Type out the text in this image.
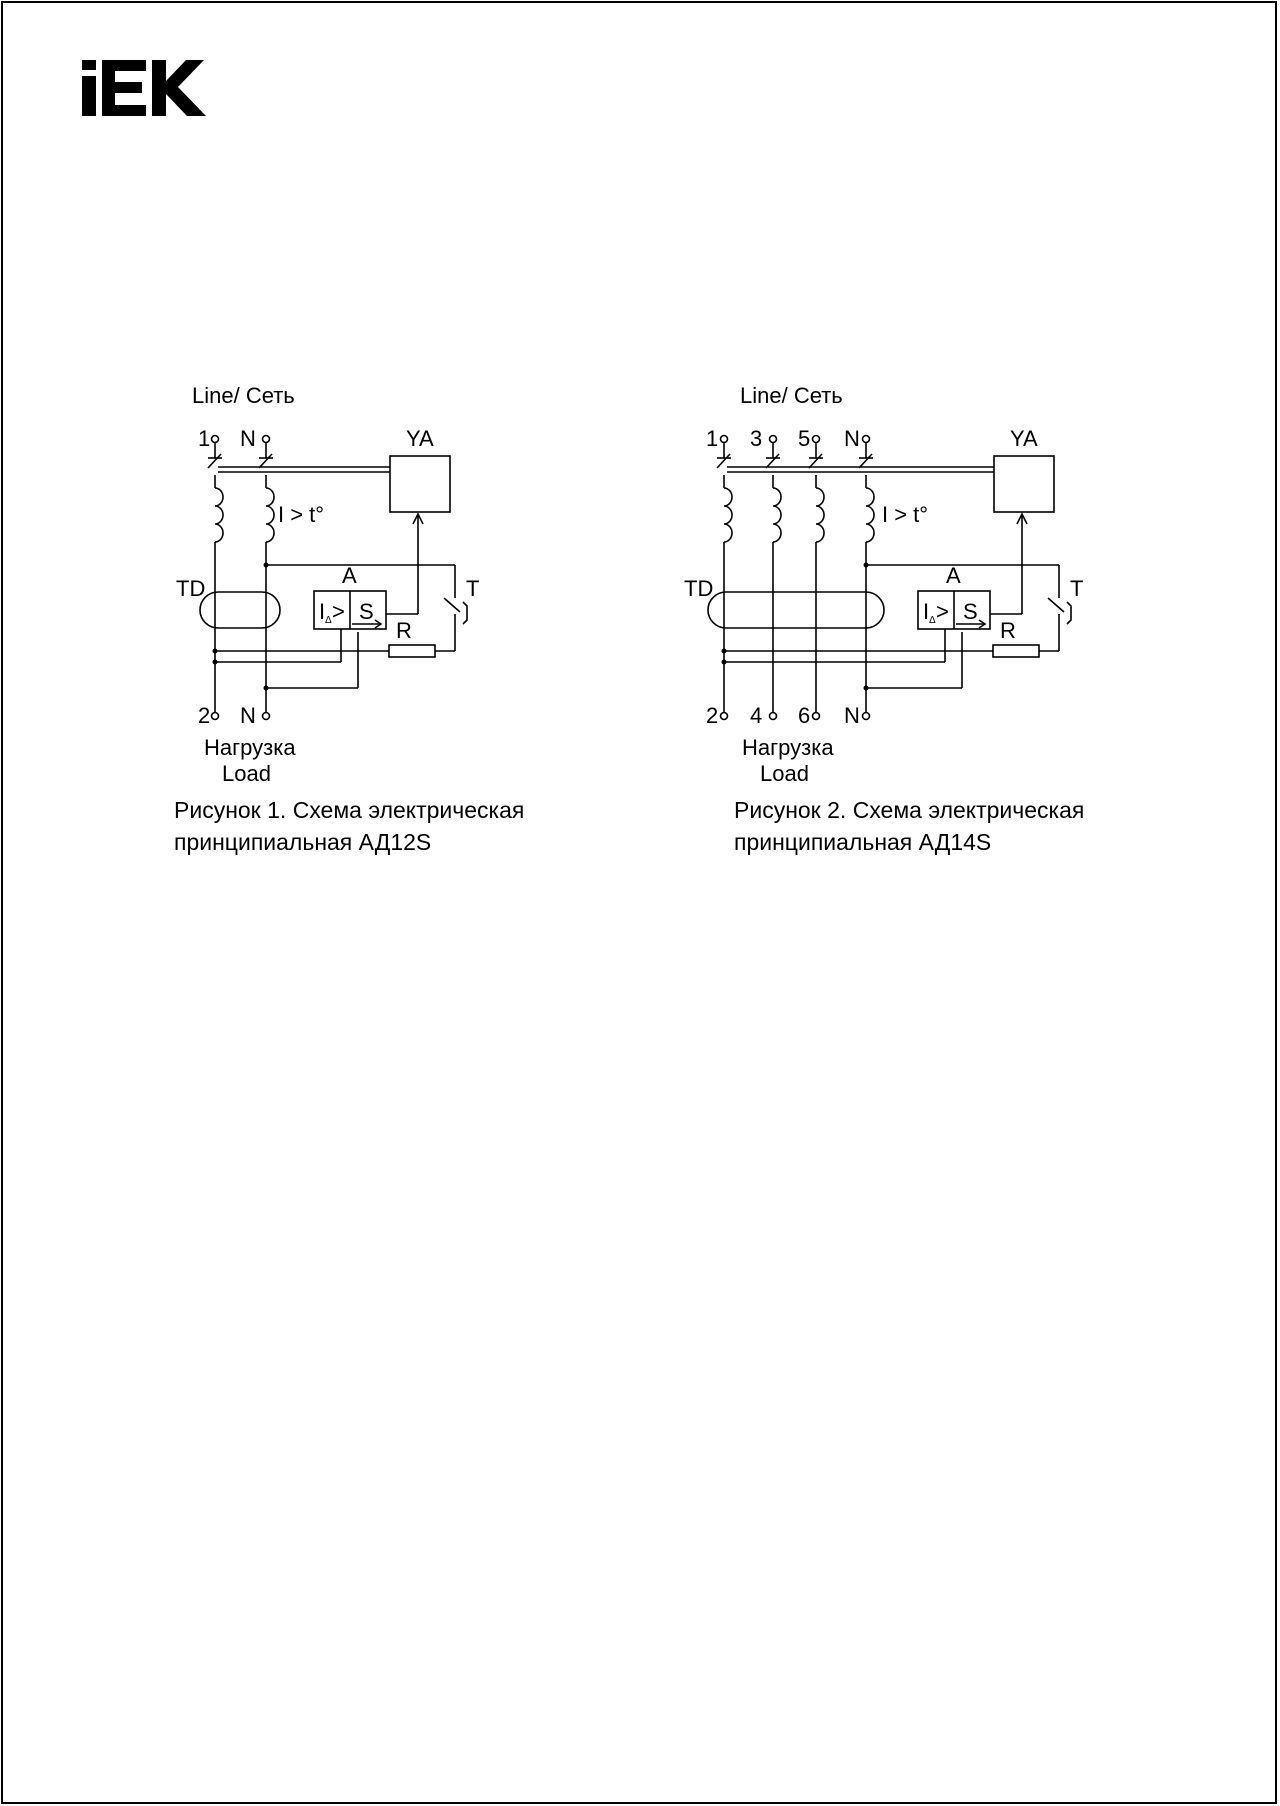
Line/ Сеть
1 N	YA
I > t°
TD
A
T
R
I Δ > S
2 N
Нагрузка
Load
Line/ Сеть
1 3 5 N	YA
I > t°
TD
A
T
R
I Δ > S
2 4 6 N
Нагрузка
Load

Рисунок 1. Схема электрическая
принципиальная АД12S

Рисунок 2. Схема электрическая
принципиальная АД14S
